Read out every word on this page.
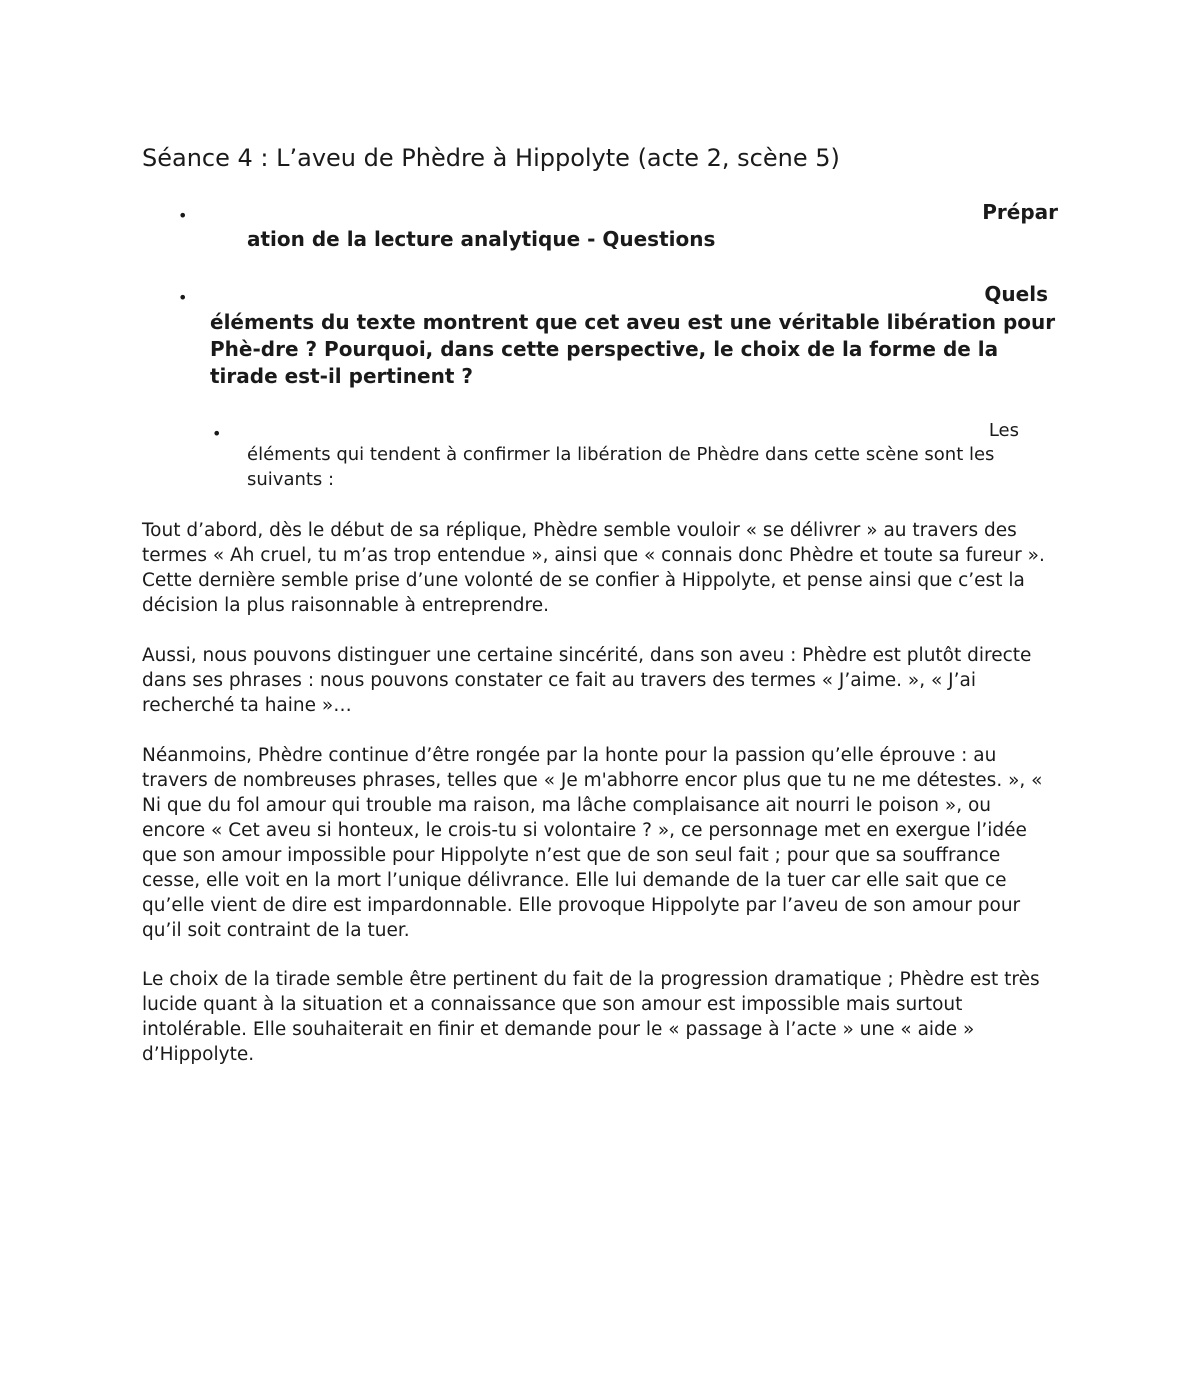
Séance 4 : L’aveu de Phèdre à Hippolyte (acte 2, scène 5)
•	Prépar
ation de la lecture analytique - Questions
•	Quels
éléments du texte montrent que cet aveu est une véritable libération pour Phè-dre ? Pourquoi, dans cette perspective, le choix de la forme de la tirade est-il pertinent ?
•	Les
éléments qui tendent à confirmer la libération de Phèdre dans cette scène sont les suivants :

Tout d’abord, dès le début de sa réplique, Phèdre semble vouloir « se délivrer » au travers des termes « Ah cruel, tu m’as trop entendue », ainsi que « connais donc Phèdre et toute sa fureur ». Cette dernière semble prise d’une volonté de se confier à Hippolyte, et pense ainsi que c’est la décision la plus raisonnable à entreprendre.

Aussi, nous pouvons distinguer une certaine sincérité, dans son aveu : Phèdre est plutôt directe dans ses phrases : nous pouvons constater ce fait au travers des termes « J’aime. », « J’ai recherché ta haine »…

Néanmoins, Phèdre continue d’être rongée par la honte pour la passion qu’elle éprouve : au travers de nombreuses phrases, telles que « Je m'abhorre encor plus que tu ne me détestes. », « Ni que du fol amour qui trouble ma raison, ma lâche complaisance ait nourri le poison », ou encore « Cet aveu si honteux, le crois-tu si volontaire ? », ce personnage met en exergue l’idée que son amour impossible pour Hippolyte n’est que de son seul fait ; pour que sa souffrance cesse, elle voit en la mort l’unique délivrance. Elle lui demande de la tuer car elle sait que ce qu’elle vient de dire est impardonnable. Elle provoque Hippolyte par l’aveu de son amour pour qu’il soit contraint de la tuer.

Le choix de la tirade semble être pertinent du fait de la progression dramatique ; Phèdre est très lucide quant à la situation et a connaissance que son amour est impossible mais surtout intolérable. Elle souhaiterait en finir et demande pour le « passage à l’acte » une « aide » d’Hippolyte.
